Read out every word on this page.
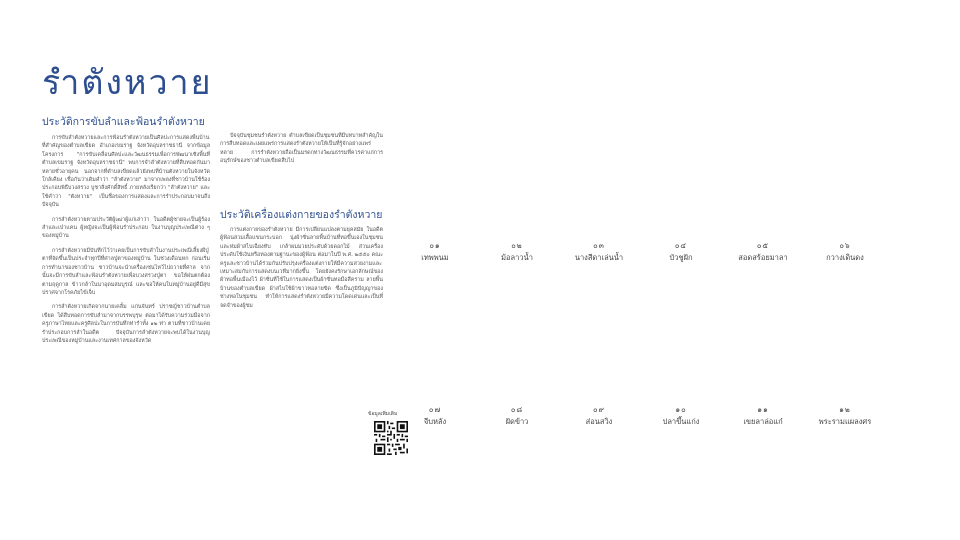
รำตังหวาย
ประวัติการขับลำและฟ้อนรำตังหวาย

การขับลำตังหวายและการฟ้อนรำตังหวายเป็นศิลปะการแสดงพื้นบ้านที่สำคัญของตำบลเขียด อำเภอเขมราฐ จังหวัดอุบลราชธานี จากข้อมูลโครงการ "การขับเคลื่อนศิลปะและวัฒนธรรมเพื่อการพัฒนาเชิงพื้นที่ ตำบลเขมราฐ จังหวัดอุบลราชธานี" พบการจำลำตังหวายที่สืบทอดกันมาหลายชั่วอายุคน นอกจากที่ตำบลเขียดแล้วยังพบที่บ้านตังหวายในจังหวัดใกล้เคียง เชื่อกันว่าเดิมคำว่า "ลำตังหวาย" มาจากเพลงที่ชาวบ้านใช้ร้องประกอบพิธีบวงสรวง บูชาสิ่งศักดิ์สิทธิ์ ภายหลังเรียกว่า "ลำตังหวาย" และใช้คำว่า "ตังหวาย" เป็นชื่อของการแสดงและการรำประกอบมาจนถึงปัจจุบัน

การลำตังหวายตามประวัติผู้เฒ่าผู้แก่เล่าว่า ในอดีตผู้ชายจะเป็นผู้ร้องลำและเป่าแคน ผู้หญิงจะเป็นผู้ฟ้อนรำประกอบ ในงานบุญประเพณีต่าง ๆ ของหมู่บ้าน

การลำตังหวายมีบันทึกไว้ว่าเคยเป็นการขับลำในงานประเพณีเลี้ยงผีปู่ตาที่จัดขึ้นเป็นประจำทุกปีที่ศาลปู่ตาของหมู่บ้าน ในช่วงเดือนหก ก่อนเริ่มการทำนาของชาวบ้าน ชาวบ้านจะนำเครื่องเซ่นไหว้ไปถวายที่ศาล จากนั้นจะมีการขับลำและฟ้อนรำตังหวายเพื่อบวงสรวงปู่ตา ขอให้ฝนตกต้องตามฤดูกาล ข้าวกล้าในนาอุดมสมบูรณ์ และขอให้คนในหมู่บ้านอยู่ดีมีสุข ปราศจากโรคภัยไข้เจ็บ

การลำตังหวายเกิดจากนายเคลิ้ม แก่นจันทร์ ปราชญ์ชาวบ้านตำบลเขียด ได้สืบทอดการขับลำมาจากบรรพบุรุษ ต่อมาได้รับความร่วมมือจากครูภาษาไทยและครูศิลปะในการบันทึกท่ารำทั้ง ๑๒ ท่า ตามที่ชาวบ้านเคยรำประกอบการลำในอดีต ปัจจุบันการลำตังหวายจะพบได้ในงานบุญประเพณีของหมู่บ้านและงานเทศกาลของจังหวัด

ปัจจุบันชุมชนรำตังหวาย ตำบลเขียดเป็นชุมชนที่มีบทบาทสำคัญในการสืบทอดและเผยแพร่การแสดงรำตังหวายให้เป็นที่รู้จักอย่างแพร่หลาย การรำตังหวายถือเป็นมรดกทางวัฒนธรรมที่ควรค่าแก่การอนุรักษ์ของชาวตำบลเขียดสืบไป

ประวัติเครื่องแต่งกายของรำตังหวาย

การแต่งกายของรำตังหวาย มีการเปลี่ยนแปลงตามยุคสมัย ในอดีตผู้ฟ้อนสวมเสื้อแขนกระบอก นุ่งผ้าซิ่นลายพื้นบ้านที่ทอขึ้นเองในชุมชน และห่มผ้าสไบเฉียงทับ เกล้าผมมวยประดับด้วยดอกไม้ ส่วนเครื่องประดับใช้เงินหรือทองตามฐานะของผู้ฟ้อน ต่อมาในปี พ.ศ. ๒๕๕๐ คณะครูและชาวบ้านได้ร่วมกันปรับปรุงเครื่องแต่งกายให้มีความสวยงามและเหมาะสมกับการแสดงบนเวทีมากยิ่งขึ้น โดยยังคงรักษาเอกลักษณ์ของผ้าทอพื้นเมืองไว้ ผ้าซิ่นที่ใช้ในการแสดงเป็นผ้าซิ่นทอมือสีคราม ลายพื้นบ้านของตำบลเขียด ผ้าสไบใช้ผ้าขาวทอลายขิด ซึ่งเป็นภูมิปัญญาของช่างทอในชุมชน ทำให้การแสดงรำตังหวายมีความโดดเด่นและเป็นที่จดจำของผู้ชม

ข้อมูลเพิ่มเติม
๐๑
เทพพนม
๐๒
ม้อลาวน้ำ
๐๓
นางสีดาเล่นน้ำ
๐๔
บัวชูฝัก
๐๕
สอดสร้อยมาลา
๐๖
กวางเดินดง
๐๗
จีบหลัง
๐๘
ฝัดข้าว
๐๙
ส่อนสวิง
๑๐
ปลาขึ้นแก่ง
๑๑
เขยลาล่อแก๋
๑๒
พระรามแผลงศร
